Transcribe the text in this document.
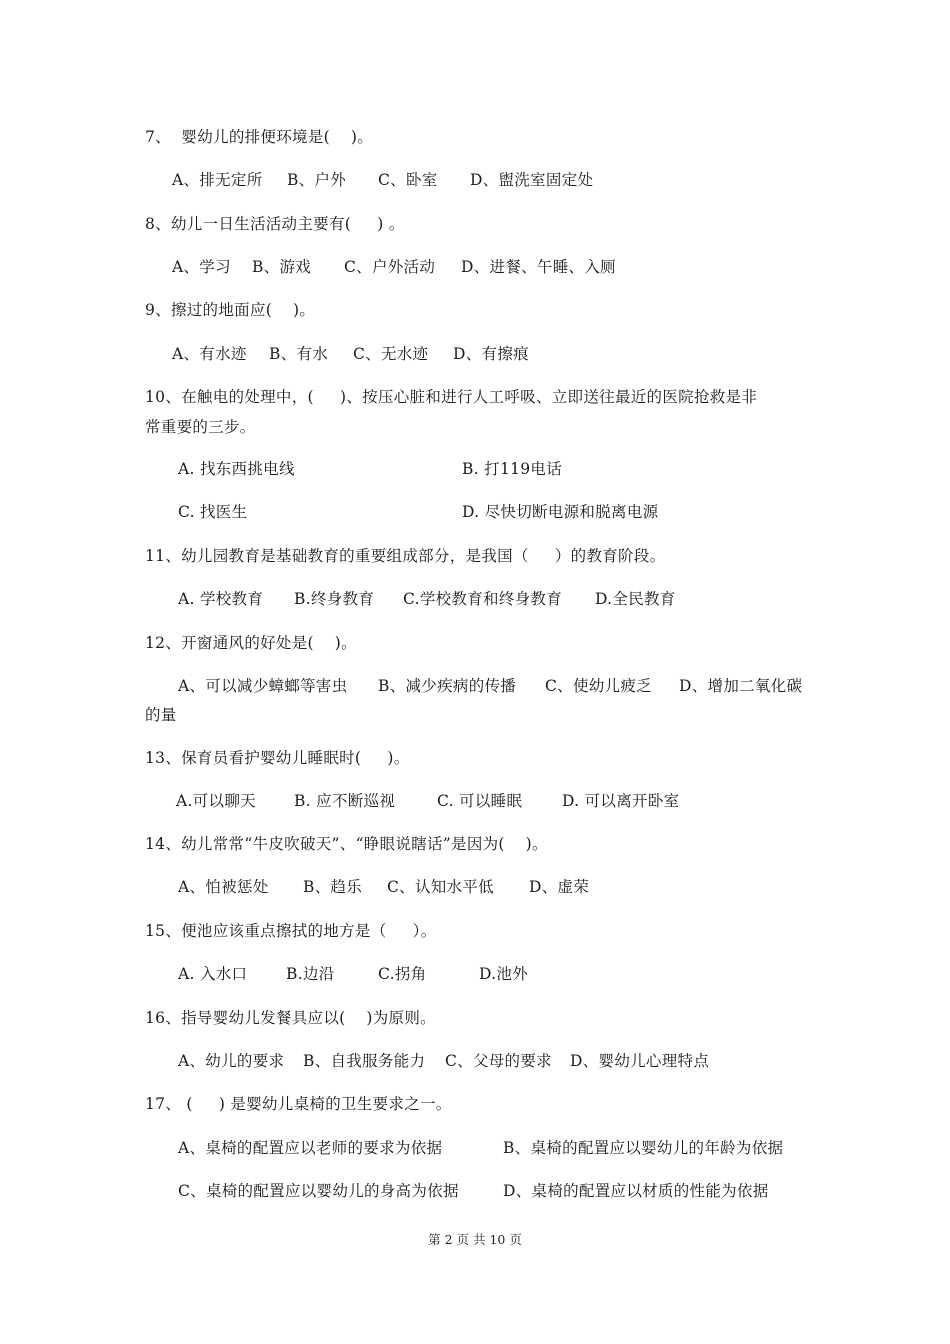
7、  婴幼儿的排便环境是(    )。
A、排无定所 B、户外 C、卧室 D、盥洗室固定处
8、幼儿一日生活活动主要有(     ) 。
A、学习 B、游戏 C、户外活动 D、进餐、午睡、入厕
9、擦过的地面应(    )。
A、有水迹 B、有水 C、无水迹 D、有擦痕
10、在触电的处理中，(     )、按压心脏和进行人工呼吸、立即送往最近的医院抢救是非
常重要的三步。
A. 找东西挑电线	B. 打119电话
C. 找医生	D. 尽快切断电源和脱离电源
11、幼儿园教育是基础教育的重要组成部分，是我国（     ）的教育阶段。
A. 学校教育 B.终身教育 C.学校教育和终身教育 D.全民教育
12、开窗通风的好处是(    )。
A、可以减少蟑螂等害虫 B、减少疾病的传播 C、使幼儿疲乏 D、增加二氧化碳
的量
13、保育员看护婴幼儿睡眠时(     )。
A.可以聊天 B. 应不断巡视	C. 可以睡眠	D. 可以离开卧室
14、幼儿常常“牛皮吹破天”、“睁眼说瞎话”是因为(    )。
A、怕被惩处 B、趋乐 C、认知水平低 D、虚荣
15、便池应该重点擦拭的地方是（     ）。
A. 入水口 B.边沿	C.拐角	D.池外
16、指导婴幼儿发餐具应以(    )为原则。
A、幼儿的要求 B、自我服务能力 C、父母的要求 D、婴幼儿心理特点
17、 (     ) 是婴幼儿桌椅的卫生要求之一。
A、桌椅的配置应以老师的要求为依据	B、桌椅的配置应以婴幼儿的年龄为依据
C、桌椅的配置应以婴幼儿的身高为依据	D、桌椅的配置应以材质的性能为依据
第 2 页 共 10 页
